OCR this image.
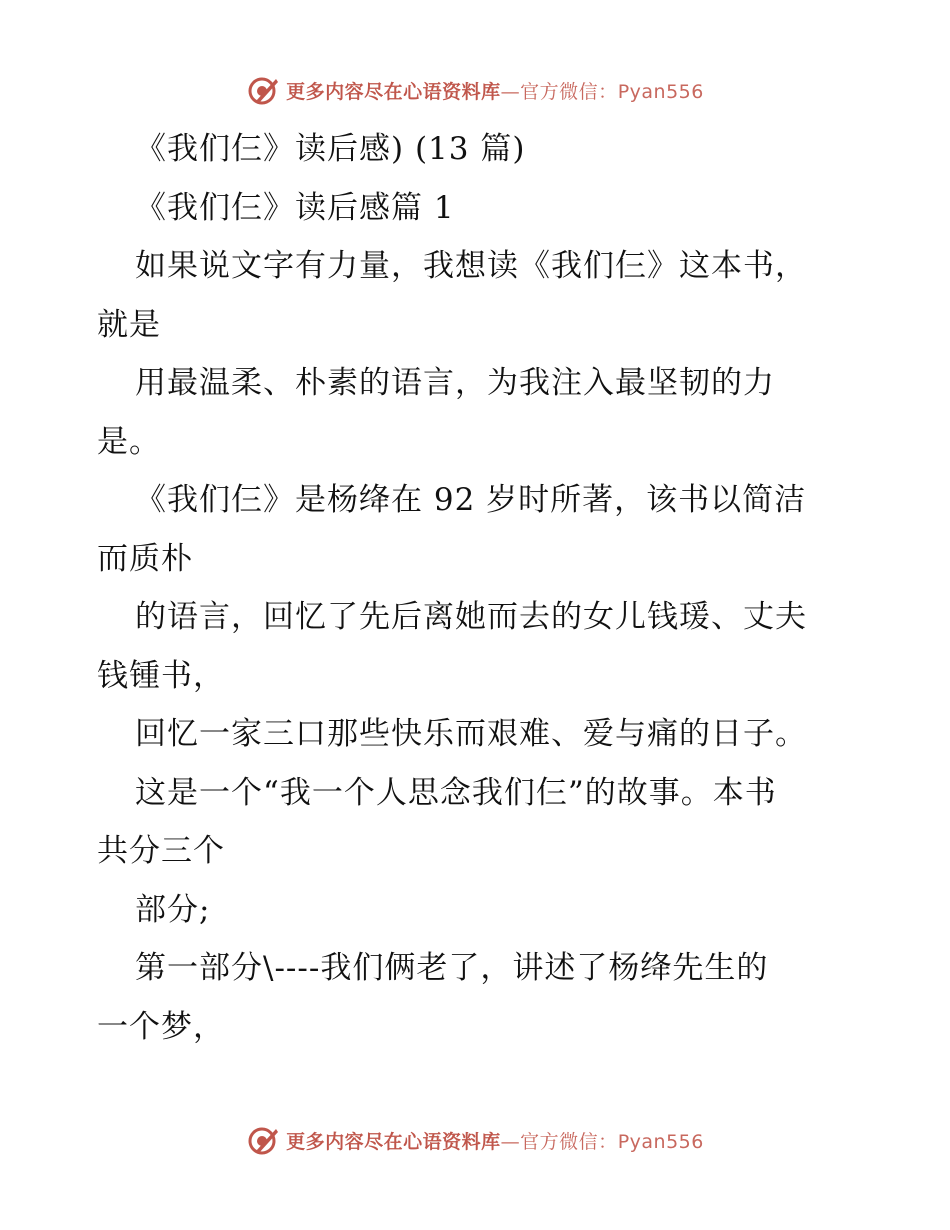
更多内容尽在心语资料库—官方微信：Pyan556
《我们仨》读后感) (13 篇)
《我们仨》读后感篇 1
如果说文字有力量，我想读《我们仨》这本书，
就是
用最温柔、朴素的语言，为我注入最坚韧的力
是。
《我们仨》是杨绛在 92 岁时所著，该书以简洁
而质朴
的语言，回忆了先后离她而去的女儿钱瑗、丈夫
钱锺书，
回忆一家三口那些快乐而艰难、爱与痛的日子。
这是一个“我一个人思念我们仨”的故事。本书
共分三个
部分;
第一部分\----我们俩老了，讲述了杨绛先生的
一个梦，
更多内容尽在心语资料库—官方微信：Pyan556
